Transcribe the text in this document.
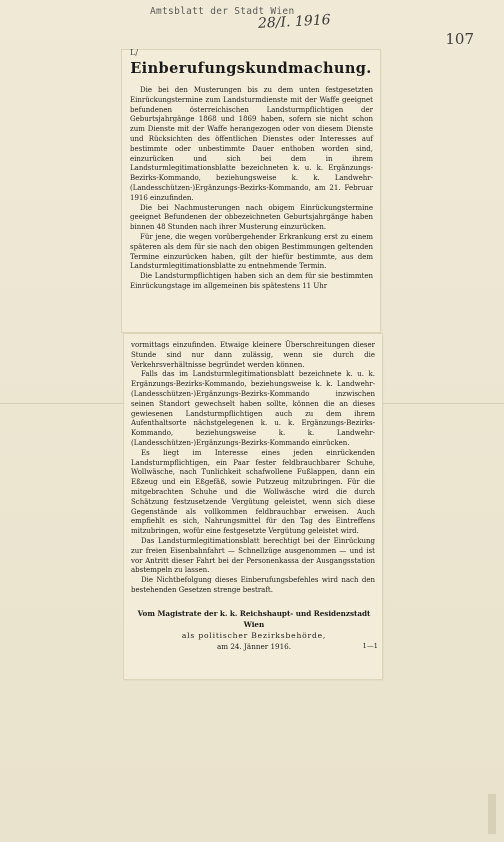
Amtsblatt der Stadt Wien
28/I. 1916
107
L/
Einberufungskundmachung.

Die bei den Musterungen bis zu dem unten festgesetzten Einrückungstermine zum Landsturmdienste mit der Waffe geeignet befundenen österreichischen Landsturmpflichtigen der Geburtsjahrgänge 1868 und 1869 haben, sofern sie nicht schon zum Dienste mit der Waffe herangezogen oder von diesem Dienste und Rücksichten des öffentlichen Dienstes oder Interesses auf bestimmte oder unbestimmte Dauer enthoben worden sind, einzurücken und sich bei dem in ihrem Landsturmlegitimationsblatte bezeichneten k. u. k. Ergänzungs-Bezirks-Kommando, beziehungsweise k. k. Landwehr-(Landesschützen-)Ergänzungs-Bezirks-Kommando, am 21. Februar 1916 einzufinden.

Die bei Nachmusterungen nach obigem Einrückungstermine geeignet Befundenen der obbezeichneten Geburtsjahrgänge haben binnen 48 Stunden nach ihrer Musterung einzurücken.

Für jene, die wegen vorübergehender Erkrankung erst zu einem späteren als dem für sie nach den obigen Bestimmungen geltenden Termine einzurücken haben, gilt der hiefür bestimmte, aus dem Landsturmlegitimationsblatte zu entnehmende Termin.

Die Landsturmpflichtigen haben sich an dem für sie bestimmten Einrückungstage im allgemeinen bis spätestens 11 Uhr

vormittags einzufinden. Etwaige kleinere Überschreitungen dieser Stunde sind nur dann zulässig, wenn sie durch die Verkehrsverhältnisse begründet werden können.

Falls das im Landsturmlegitimationsblatt bezeichnete k. u. k. Ergänzungs-Bezirks-Kommando, beziehungsweise k. k. Landwehr-(Landesschützen-)Ergänzungs-Bezirks-Kommando inzwischen seinen Standort gewechselt haben sollte, können die an dieses gewiesenen Landsturmpflichtigen auch zu dem ihrem Aufenthaltsorte nächstgelegenen k. u. k. Ergänzungs-Bezirks-Kommando, beziehungsweise k. k. Landwehr-(Landesschützen-)Ergänzungs-Bezirks-Kommando einrücken.

Es liegt im Interesse eines jeden einrückenden Landsturmpflichtigen, ein Paar fester feldbrauchbarer Schuhe, Wollwäsche, nach Tunlichkeit schafwollene Fußlappen, dann ein Eßzeug und ein Eßgefäß, sowie Putzzeug mitzubringen. Für die mitgebrachten Schuhe und die Wollwäsche wird die durch Schätzung festzusetzende Vergütung geleistet, wenn sich diese Gegenstände als vollkommen feldbrauchbar erweisen. Auch empfiehlt es sich, Nahrungsmittel für den Tag des Eintreffens mitzubringen, wofür eine festgesetzte Vergütung geleistet wird.

Das Landsturmlegitimationsblatt berechtigt bei der Einrückung zur freien Eisenbahnfahrt — Schnellzüge ausgenommen — und ist vor Antritt dieser Fahrt bei der Personenkassa der Ausgangsstation abstempeln zu lassen.

Die Nichtbefolgung dieses Einberufungsbefehles wird nach den bestehenden Gesetzen strenge bestraft.

Vom Magistrate der k. k. Reichshaupt- und Residenzstadt Wien
als politischer Bezirksbehörde,
am 24. Jänner 1916.	1—1
